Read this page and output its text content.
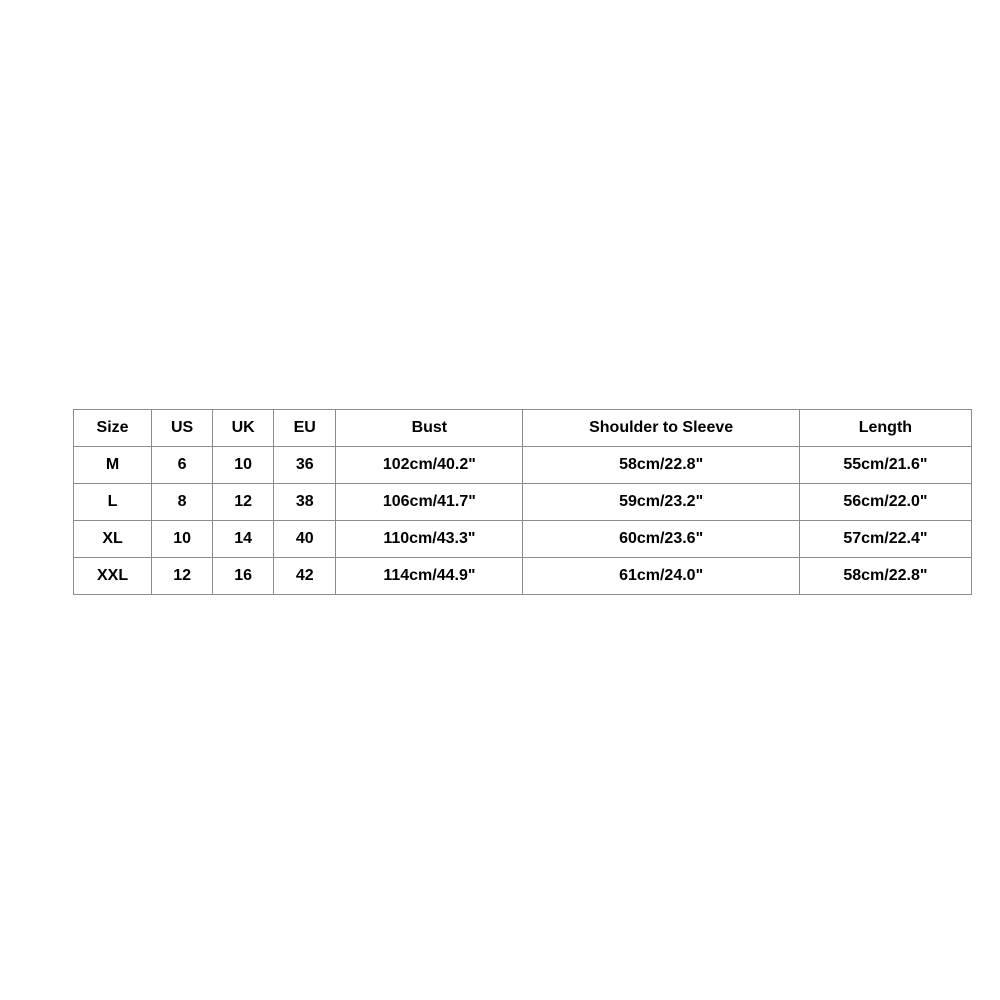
Size	US	UK	EU	Bust	Shoulder to Sleeve	Length
M	6	10	36	102cm/40.2"	58cm/22.8"	55cm/21.6"
L	8	12	38	106cm/41.7"	59cm/23.2"	56cm/22.0"
XL	10	14	40	110cm/43.3"	60cm/23.6"	57cm/22.4"
XXL	12	16	42	114cm/44.9"	61cm/24.0"	58cm/22.8"
